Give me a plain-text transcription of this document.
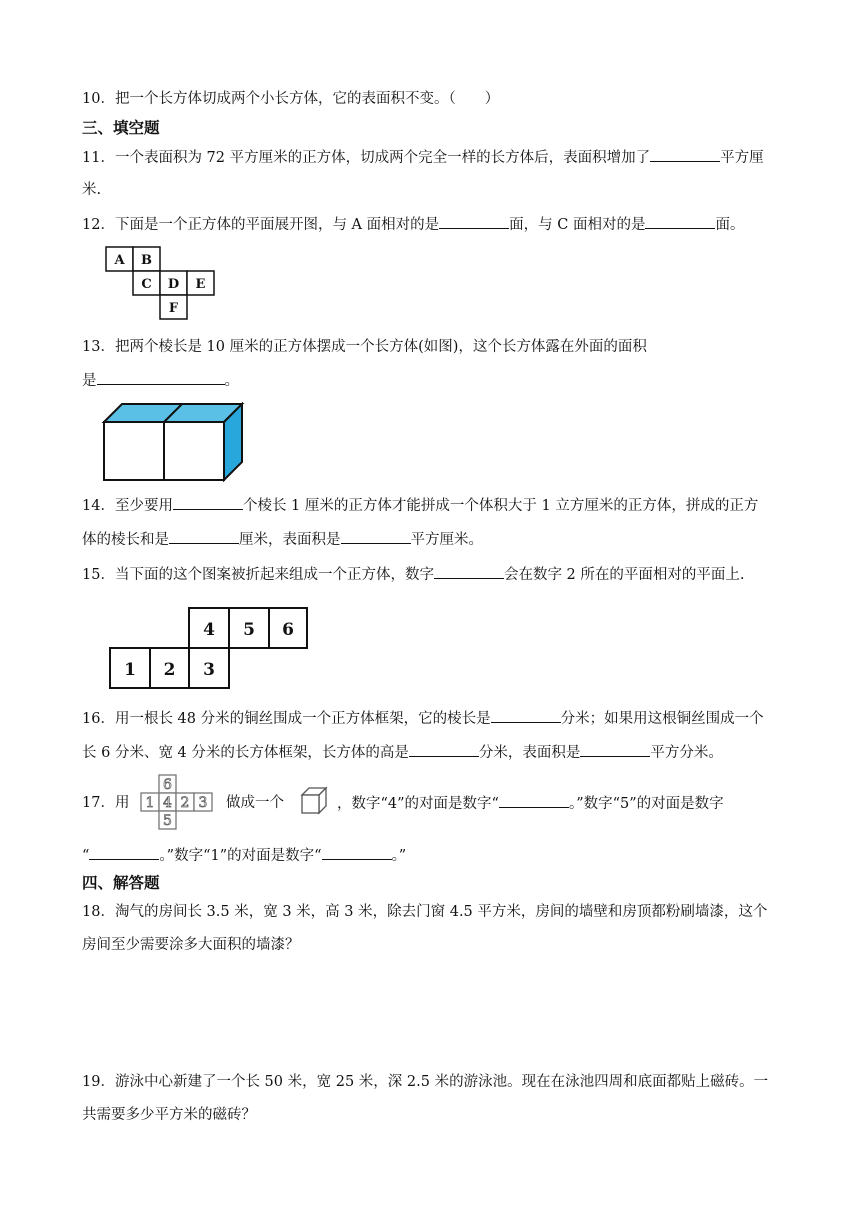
10．把一个长方体切成两个小长方体，它的表面积不变。（　　）
三、填空题
11．一个表面积为 72 平方厘米的正方体，切成两个完全一样的长方体后，表面积增加了	平方厘
米.
12．下面是一个正方体的平面展开图，与 A 面相对的是	面，与 C 面相对的是	面。
A B
C D E
F
13．把两个棱长是 10 厘米的正方体摆成一个长方体(如图)，这个长方体露在外面的面积
是	。
14．至少要用	个棱长 1 厘米的正方体才能拼成一个体积大于 1 立方厘米的正方体，拼成的正方
体的棱长和是	厘米，表面积是	平方厘米。
15．当下面的这个图案被折起来组成一个正方体，数字	会在数字 2 所在的平面相对的平面上.
4 5 6
1 2 3
16．用一根长 48 分米的铜丝围成一个正方体框架，它的棱长是	分米；如果用这根铜丝围成一个
长 6 分米、宽 4 分米的长方体框架，长方体的高是	分米，表面积是	平方分米。
17．用
6
1 4 2 3
5
做成一个	，数字“4”的对面是数字“	。”数字“5”的对面是数字
“	。”数字“1”的对面是数字“	。”
四、解答题
18．淘气的房间长 3.5 米，宽 3 米，高 3 米，除去门窗 4.5 平方米，房间的墙壁和房顶都粉刷墙漆，这个
房间至少需要涂多大面积的墙漆？
19．游泳中心新建了一个长 50 米，宽 25 米，深 2.5 米的游泳池。现在在泳池四周和底面都贴上磁砖。一
共需要多少平方米的磁砖？
